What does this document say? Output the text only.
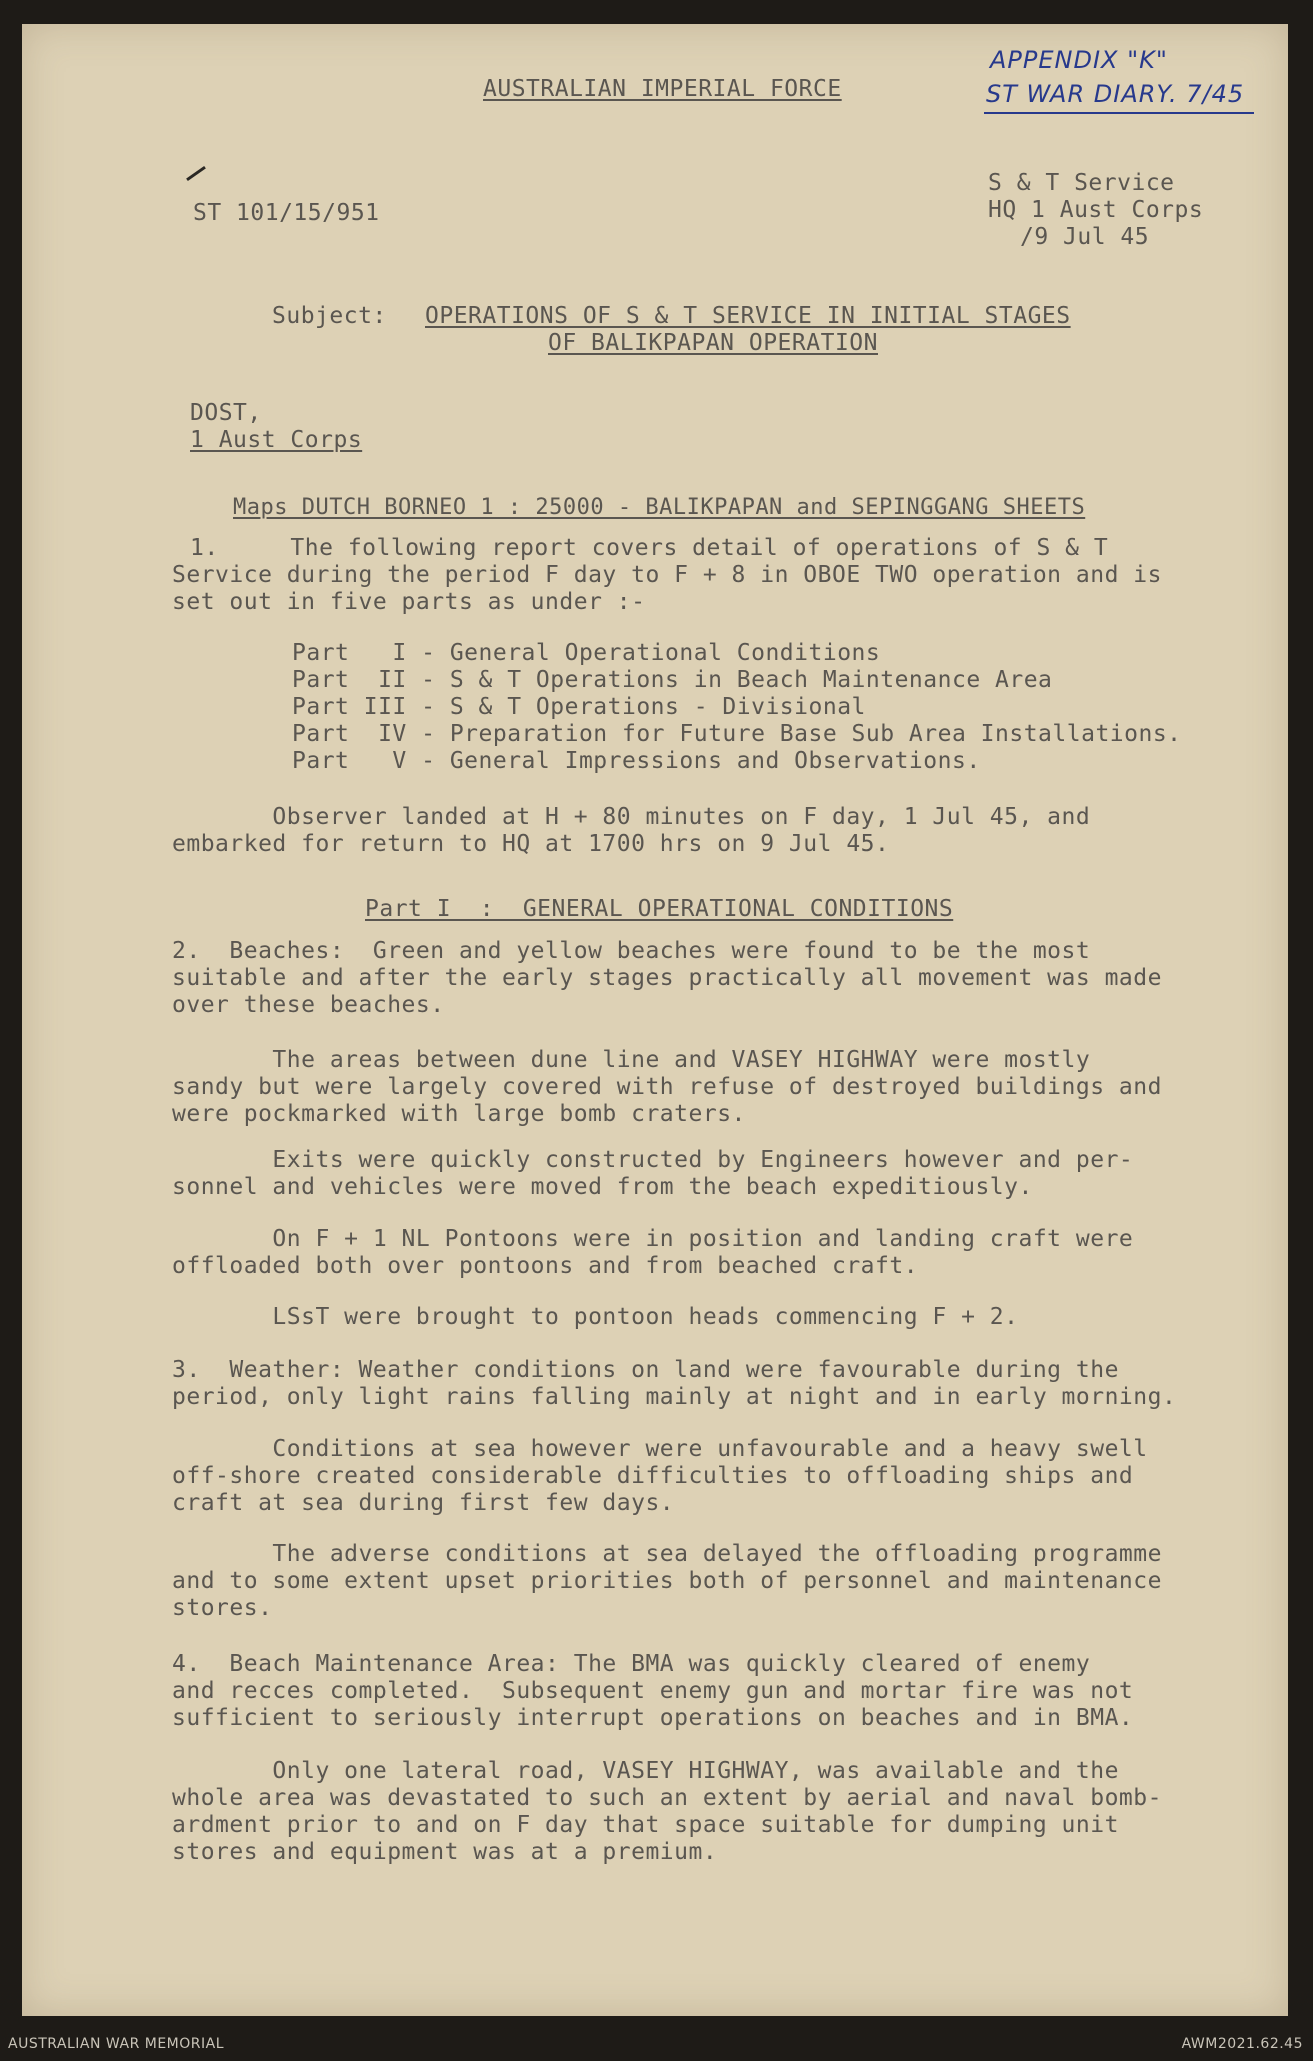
AUSTRALIAN IMPERIAL FORCE
APPENDIX "K"
ST WAR DIARY. 7/45
ST 101/15/951
S & T Service
HQ 1 Aust Corps
/9 Jul 45
Subject: OPERATIONS OF S & T SERVICE IN INITIAL STAGES
OF BALIKPAPAN OPERATION
DOST,
1 Aust Corps
Maps DUTCH BORNEO 1 : 25000 - BALIKPAPAN and SEPINGGANG SHEETS
1.     The following report covers detail of operations of S & T
Service during the period F day to F + 8 in OBOE TWO operation and is
set out in five parts as under :-
Part   I - General Operational Conditions
Part  II - S & T Operations in Beach Maintenance Area
Part III - S & T Operations - Divisional
Part  IV - Preparation for Future Base Sub Area Installations.
Part   V - General Impressions and Observations.
Observer landed at H + 80 minutes on F day, 1 Jul 45, and
embarked for return to HQ at 1700 hrs on 9 Jul 45.
Part I  :  GENERAL OPERATIONAL CONDITIONS
2.  Beaches:  Green and yellow beaches were found to be the most
suitable and after the early stages practically all movement was made
over these beaches.
The areas between dune line and VASEY HIGHWAY were mostly
sandy but were largely covered with refuse of destroyed buildings and
were pockmarked with large bomb craters.
Exits were quickly constructed by Engineers however and per-
sonnel and vehicles were moved from the beach expeditiously.
On F + 1 NL Pontoons were in position and landing craft were
offloaded both over pontoons and from beached craft.
LSsT were brought to pontoon heads commencing F + 2.
3.  Weather: Weather conditions on land were favourable during the
period, only light rains falling mainly at night and in early morning.
Conditions at sea however were unfavourable and a heavy swell
off-shore created considerable difficulties to offloading ships and
craft at sea during first few days.
The adverse conditions at sea delayed the offloading programme
and to some extent upset priorities both of personnel and maintenance
stores.
4.  Beach Maintenance Area: The BMA was quickly cleared of enemy
and recces completed.  Subsequent enemy gun and mortar fire was not
sufficient to seriously interrupt operations on beaches and in BMA.
Only one lateral road, VASEY HIGHWAY, was available and the
whole area was devastated to such an extent by aerial and naval bomb-
ardment prior to and on F day that space suitable for dumping unit
stores and equipment was at a premium.
AUSTRALIAN WAR MEMORIAL	AWM2021.62.45
